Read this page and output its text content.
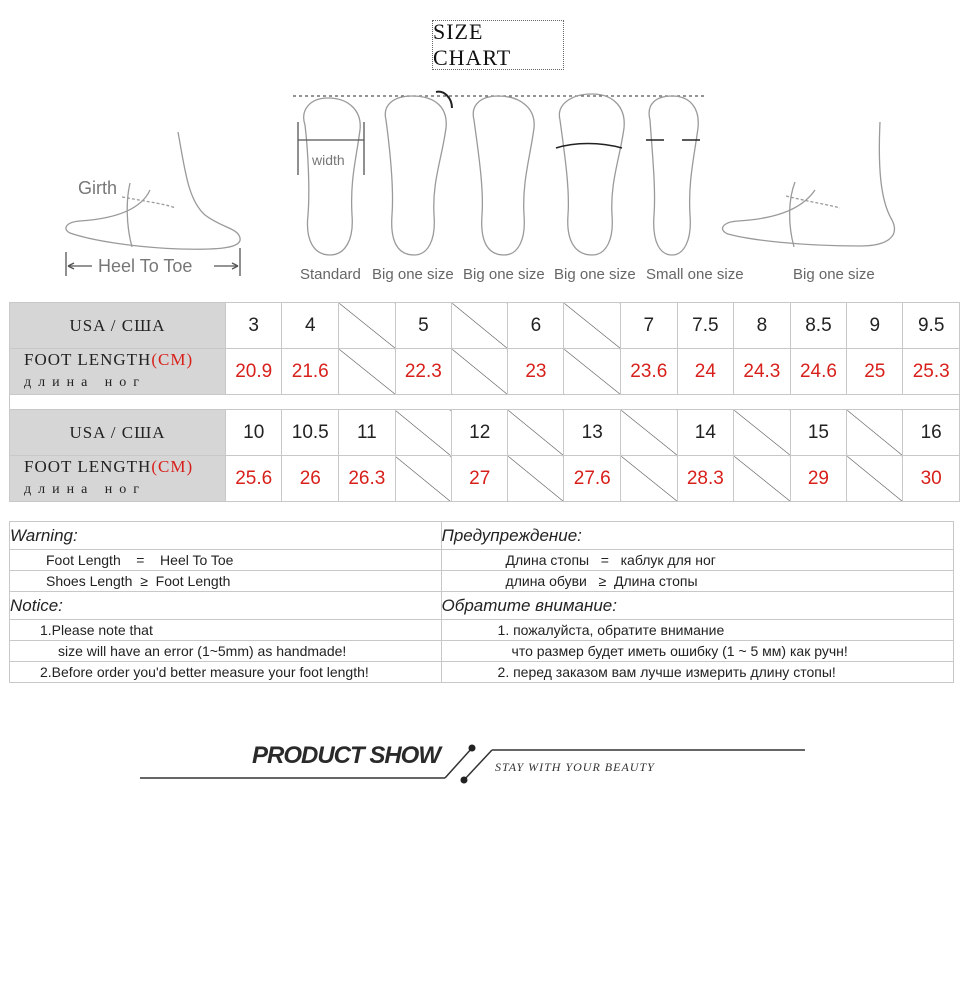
SIZE CHART
Girth
Heel To Toe
width
Standard Big one size Big one size Big one size Small one size	Big one size
USA / США	3	4		5		6		7	7.5	8	8.5	9	9.5
FOOT LENGTH(CM)
длина ног	20.9	21.6		22.3		23		23.6	24	24.3	24.6	25	25.3

USA / США	10	10.5	11		12		13		14		15		16
FOOT LENGTH(CM)
длина ног	25.6	26	26.3		27		27.6		28.3		29		30
Warning:	Предупреждение:
Foot Length = Heel To Toe	Длина стопы = каблук для ног
Shoes Length ≥ Foot Length	длина обуви ≥ Длина стопы
Notice:	Обратите внимание:
1.Please note that	1. пожалуйста, обратите внимание
size will have an error (1~5mm) as handmade!	что размер будет иметь ошибку (1 ~ 5 мм) как ручн!
2.Before order you'd better measure your foot length!	2. перед заказом вам лучше измерить длину стопы!
PRODUCT SHOW	STAY WITH YOUR BEAUTY
